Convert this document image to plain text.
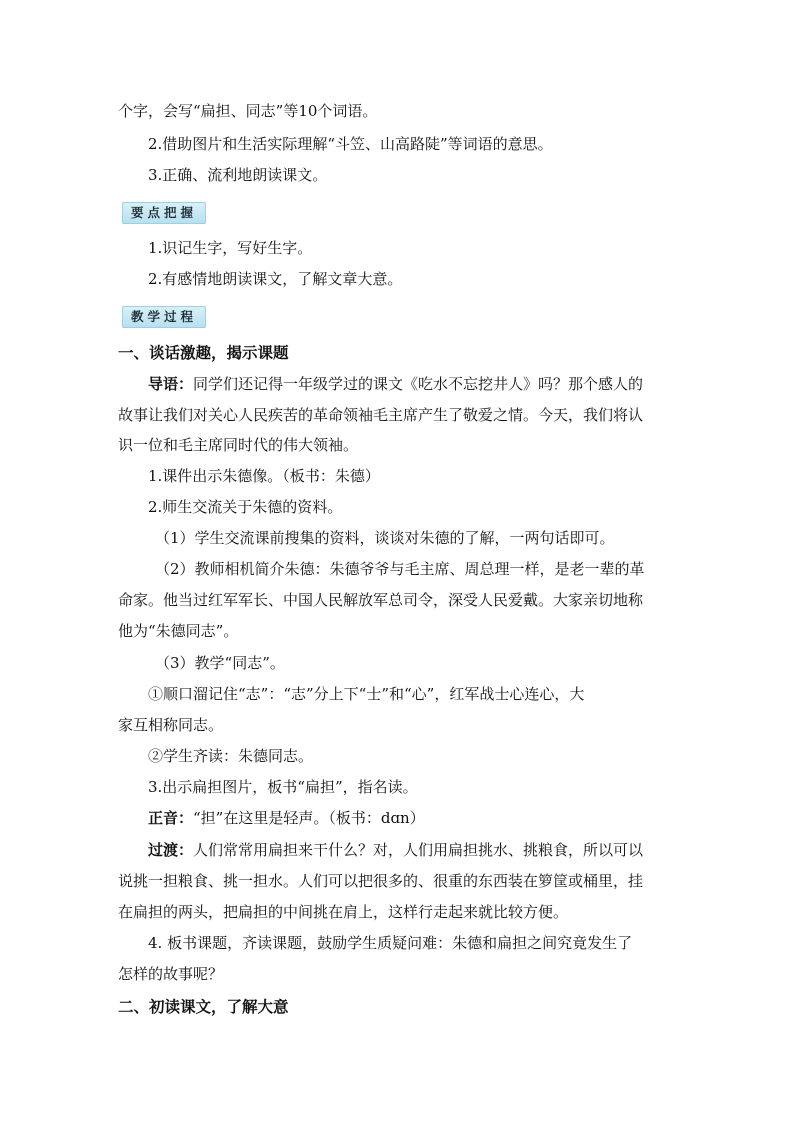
个字，会写“扁担、同志”等10个词语。
2.借助图片和生活实际理解“斗笠、山高路陡”等词语的意思。
3.正确、流利地朗读课文。
要点把握
1.识记生字，写好生字。
2.有感情地朗读课文，了解文章大意。
教学过程
一、谈话激趣，揭示课题
导语：同学们还记得一年级学过的课文《吃水不忘挖井人》吗？那个感人的
故事让我们对关心人民疾苦的革命领袖毛主席产生了敬爱之情。今天，我们将认
识一位和毛主席同时代的伟大领袖。
1.课件出示朱德像。（板书：朱德）
2.师生交流关于朱德的资料。
（1）学生交流课前搜集的资料，谈谈对朱德的了解，一两句话即可。
（2）教师相机简介朱德：朱德爷爷与毛主席、周总理一样，是老一辈的革
命家。他当过红军军长、中国人民解放军总司令，深受人民爱戴。大家亲切地称
他为“朱德同志”。
（3）教学“同志”。
①顺口溜记住“志”：“志”分上下“士”和“心”，红军战士心连心，大
家互相称同志。
②学生齐读：朱德同志。
3.出示扁担图片，板书“扁担”，指名读。
正音：“担”在这里是轻声。（板书：dɑn）
过渡：人们常常用扁担来干什么？对，人们用扁担挑水、挑粮食，所以可以
说挑一担粮食、挑一担水。人们可以把很多的、很重的东西装在箩筐或桶里，挂
在扁担的两头，把扁担的中间挑在肩上，这样行走起来就比较方便。
4. 板书课题，齐读课题，鼓励学生质疑问难：朱德和扁担之间究竟发生了
怎样的故事呢？
二、初读课文，了解大意
